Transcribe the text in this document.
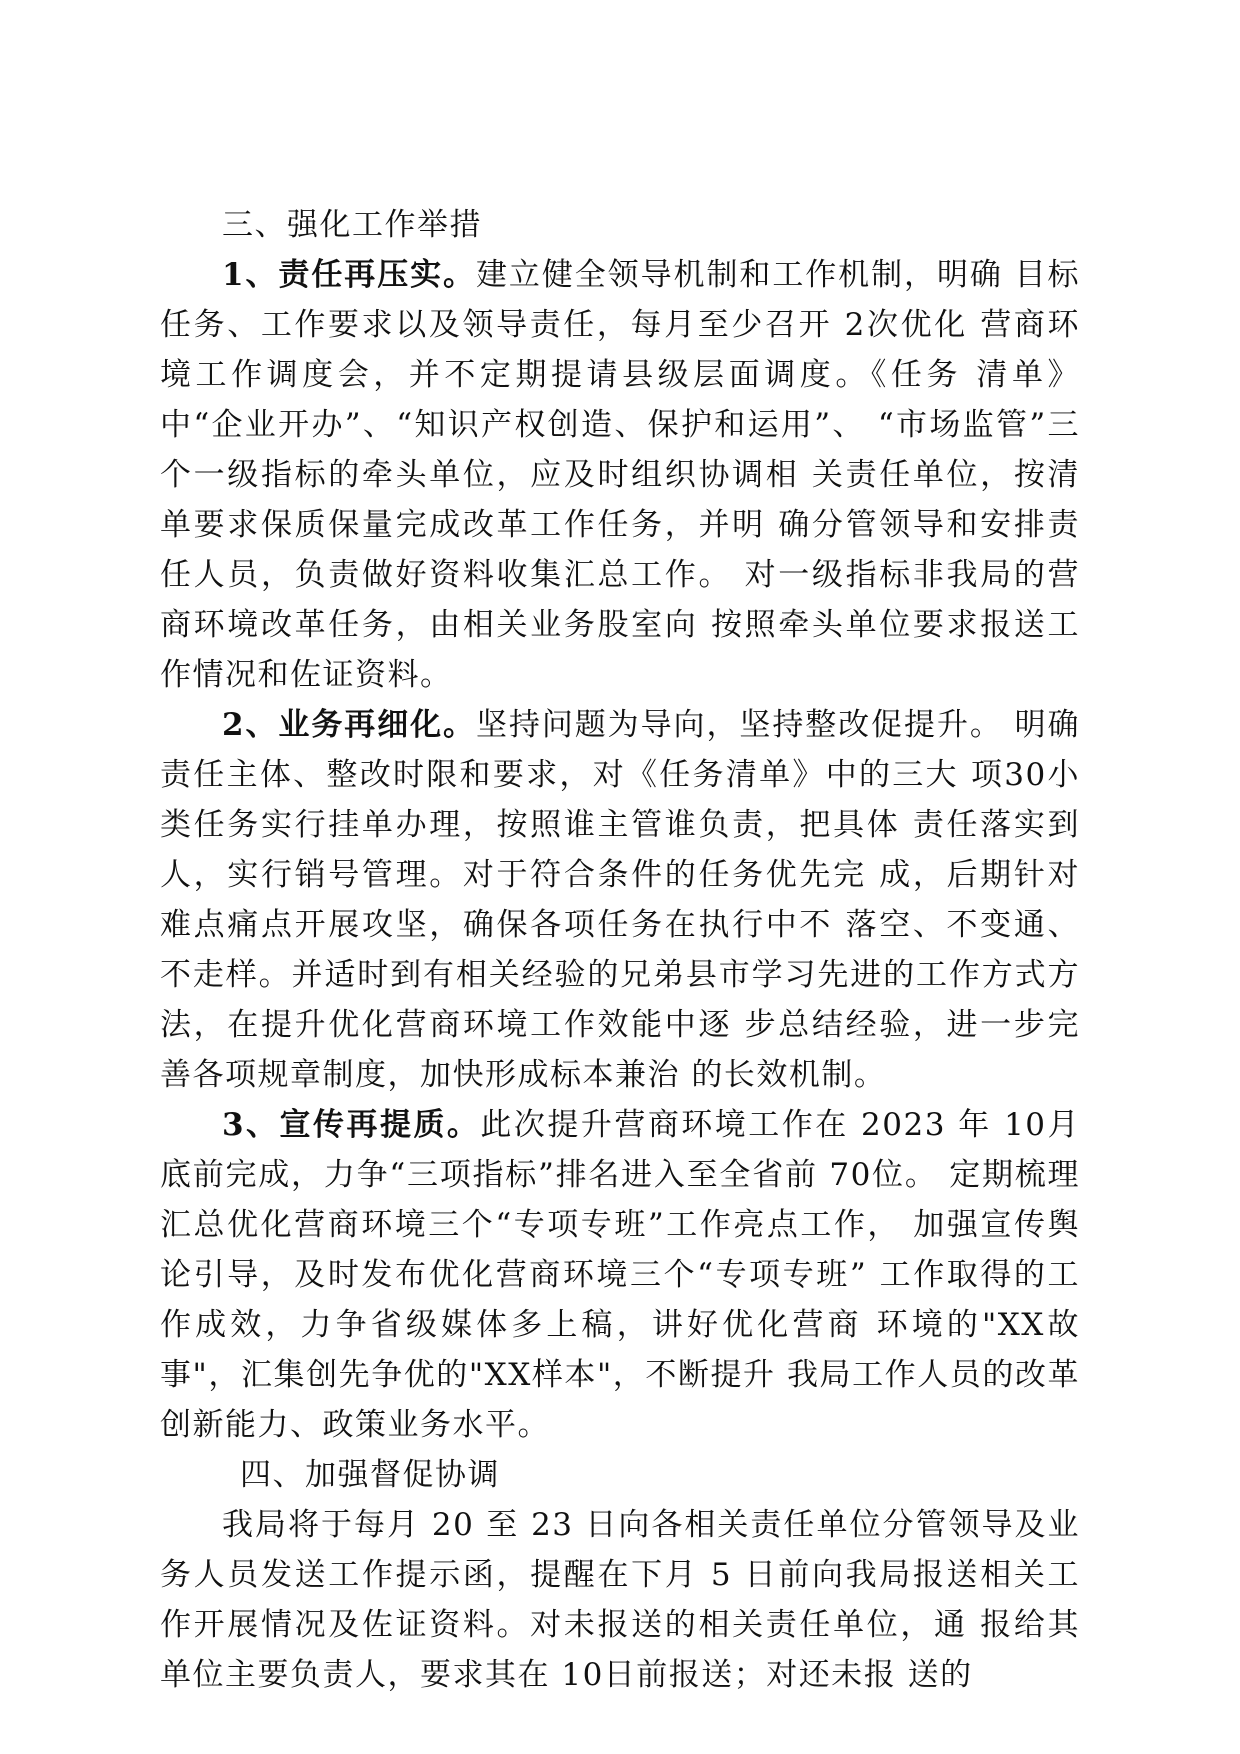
三、强化工作举措

1、责任再压实。建立健全领导机制和工作机制，明确 目标任务、工作要求以及领导责任，每月至少召开 2次优化 营商环境工作调度会，并不定期提请县级层面调度。《任务 清单》中“企业开办”、“知识产权创造、保护和运用”、 “市场监管”三个一级指标的牵头单位，应及时组织协调相 关责任单位，按清单要求保质保量完成改革工作任务，并明 确分管领导和安排责任人员，负责做好资料收集汇总工作。 对一级指标非我局的营商环境改革任务，由相关业务股室向 按照牵头单位要求报送工作情况和佐证资料。

2、业务再细化。坚持问题为导向，坚持整改促提升。 明确责任主体、整改时限和要求，对《任务清单》中的三大 项30小类任务实行挂单办理，按照谁主管谁负责，把具体 责任落实到人，实行销号管理。对于符合条件的任务优先完 成，后期针对难点痛点开展攻坚，确保各项任务在执行中不 落空、不变通、不走样。并适时到有相关经验的兄弟县市学习先进的工作方式方法，在提升优化营商环境工作效能中逐 步总结经验，进一步完善各项规章制度，加快形成标本兼治 的长效机制。

3、宣传再提质。此次提升营商环境工作在 2023 年 10月底前完成，力争“三项指标”排名进入至全省前 70位。 定期梳理汇总优化营商环境三个“专项专班”工作亮点工作， 加强宣传舆论引导，及时发布优化营商环境三个“专项专班” 工作取得的工作成效，力争省级媒体多上稿，讲好优化营商 环境的"XX故事"，汇集创先争优的"XX样本"，不断提升 我局工作人员的改革创新能力、政策业务水平。

四、加强督促协调

我局将于每月 20 至 23 日向各相关责任单位分管领导及业务人员发送工作提示函，提醒在下月 5 日前向我局报送相关工作开展情况及佐证资料。对未报送的相关责任单位，通 报给其单位主要负责人，要求其在 10日前报送；对还未报 送的
